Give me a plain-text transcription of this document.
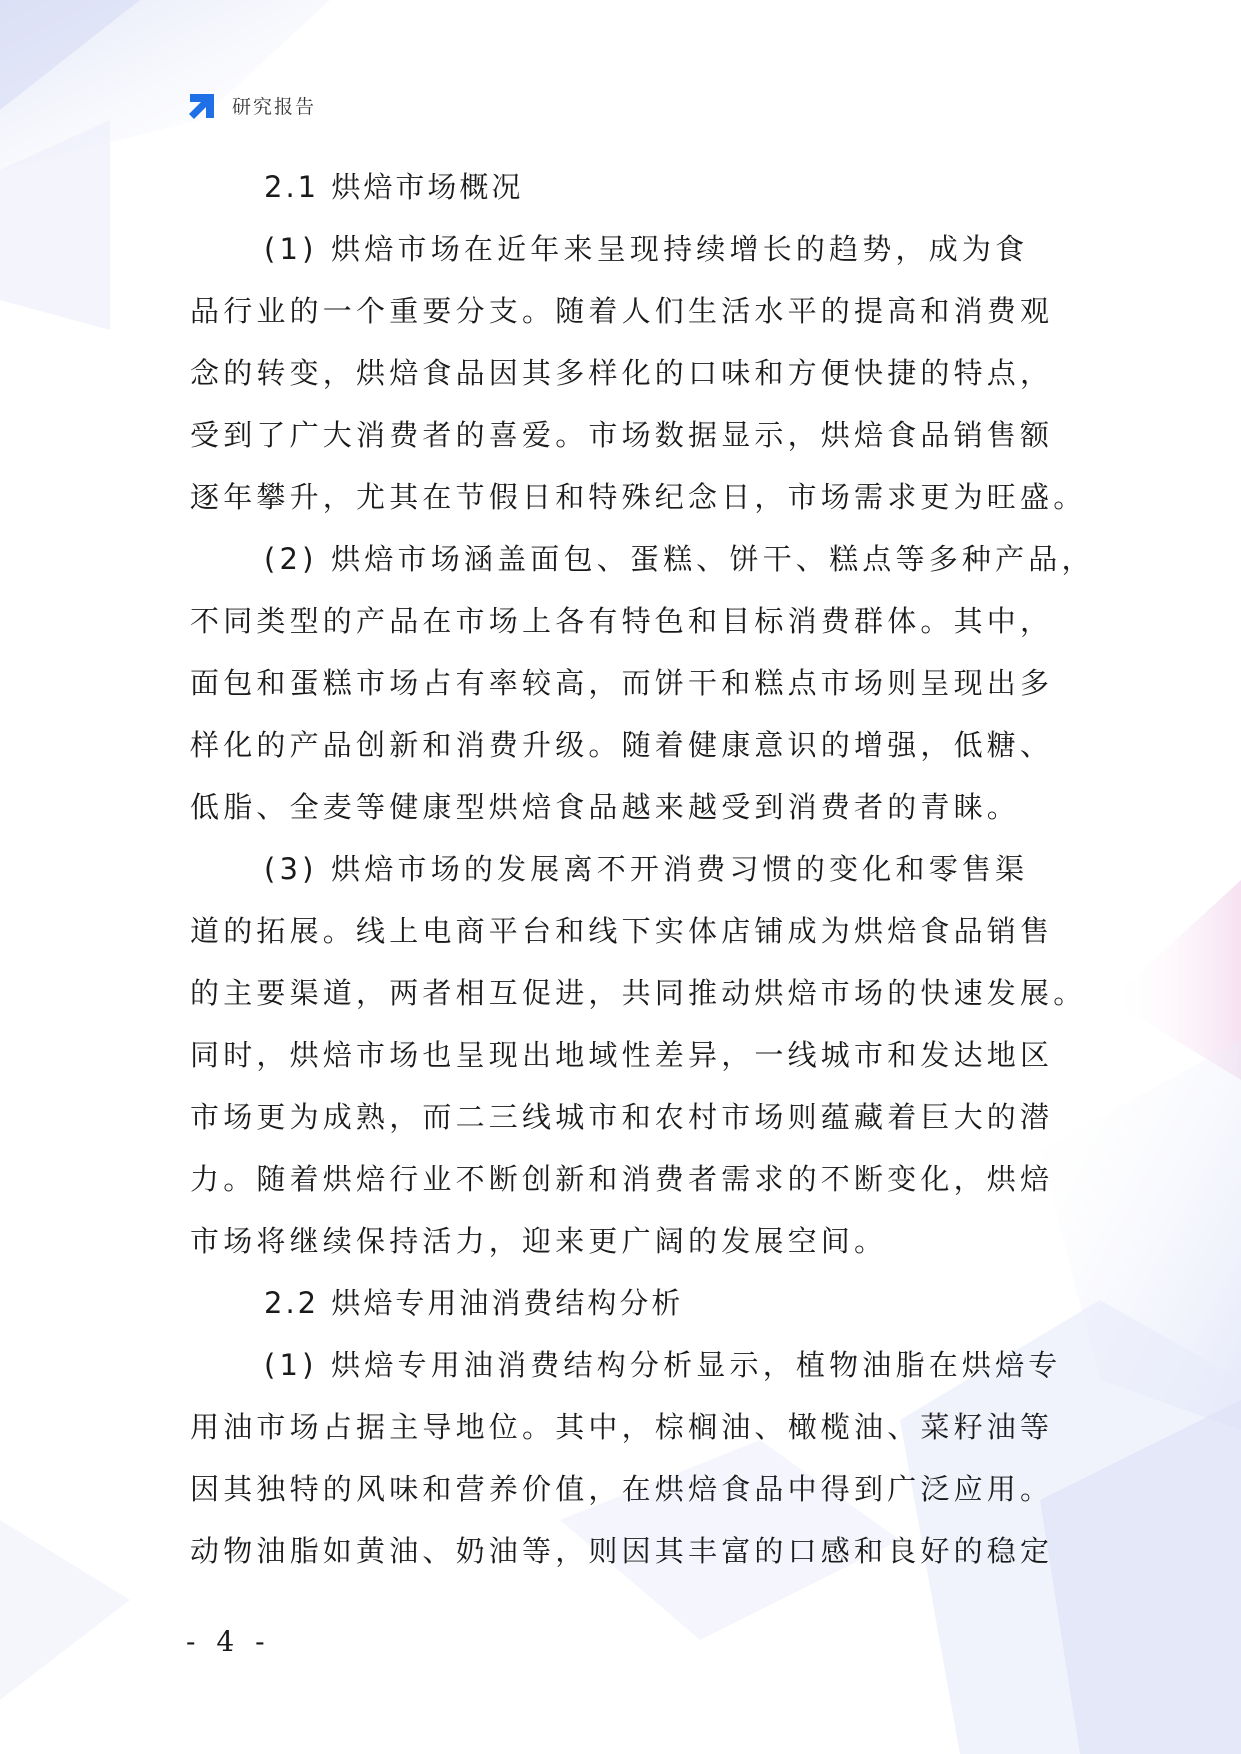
研究报告
2.1 烘焙市场概况
(1) 烘焙市场在近年来呈现持续增长的趋势，成为食
品行业的一个重要分支。随着人们生活水平的提高和消费观
念的转变，烘焙食品因其多样化的口味和方便快捷的特点，
受到了广大消费者的喜爱。市场数据显示，烘焙食品销售额
逐年攀升，尤其在节假日和特殊纪念日，市场需求更为旺盛。
(2) 烘焙市场涵盖面包、蛋糕、饼干、糕点等多种产品，
不同类型的产品在市场上各有特色和目标消费群体。其中，
面包和蛋糕市场占有率较高，而饼干和糕点市场则呈现出多
样化的产品创新和消费升级。随着健康意识的增强，低糖、
低脂、全麦等健康型烘焙食品越来越受到消费者的青睐。
(3) 烘焙市场的发展离不开消费习惯的变化和零售渠
道的拓展。线上电商平台和线下实体店铺成为烘焙食品销售
的主要渠道，两者相互促进，共同推动烘焙市场的快速发展。
同时，烘焙市场也呈现出地域性差异，一线城市和发达地区
市场更为成熟，而二三线城市和农村市场则蕴藏着巨大的潜
力。随着烘焙行业不断创新和消费者需求的不断变化，烘焙
市场将继续保持活力，迎来更广阔的发展空间。
2.2 烘焙专用油消费结构分析
(1) 烘焙专用油消费结构分析显示，植物油脂在烘焙专
用油市场占据主导地位。其中，棕榈油、橄榄油、菜籽油等
因其独特的风味和营养价值，在烘焙食品中得到广泛应用。
动物油脂如黄油、奶油等，则因其丰富的口感和良好的稳定
- 4 -
